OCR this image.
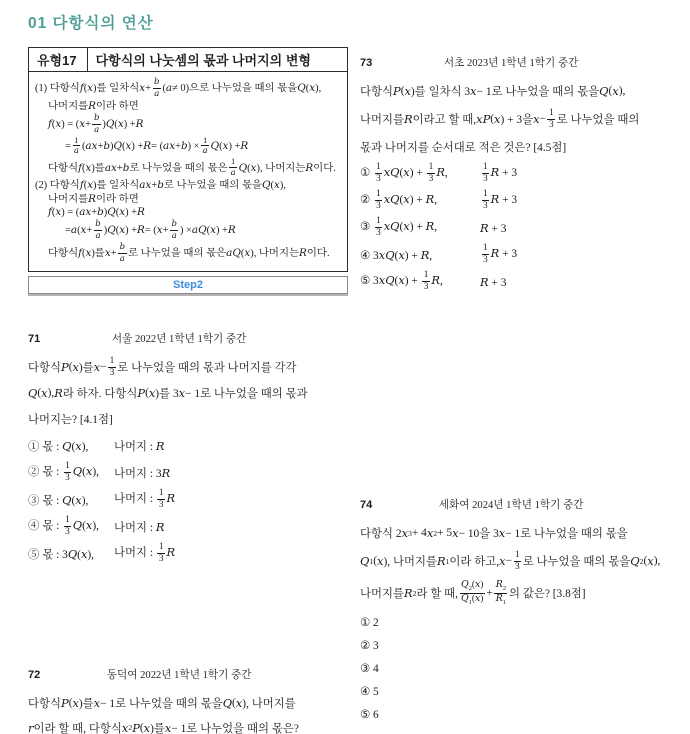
01 다항식의 연산
유형17	다항식의 나눗셈의 몫과 나머지의 변형
(1) 다항식 f ( x )를 일차식 x +
b
a ( a ≠ 0)으로 나누었을 때의 몫을 Q ( x ),
나머지를 R 이라 하면
f ( x ) = ( x +
b
a ) Q ( x ) + R
=
1
a ( ax + b ) Q ( x ) + R = ( ax + b ) ×
1
a Q ( x ) + R
다항식 f ( x )를 ax + b 로 나누었을 때의 몫은
1
a Q ( x ), 나머지는 R 이다.
(2) 다항식 f ( x )를 일차식 ax + b 로 나누었을 때의 몫을 Q ( x ),
나머지를 R 이라 하면
f ( x ) = ( ax + b ) Q ( x ) + R
= a ( x +
b
a ) Q ( x ) + R = ( x +
b
a ) × aQ ( x ) + R
다항식 f ( x )를 x +
b
a 로 나누었을 때의 몫은 aQ ( x ), 나머지는 R 이다.
Step2
71	서울 2022년 1학년 1학기 중간
다항식 P ( x )를 x −
1
3 로 나누었을 때의 몫과 나머지를 각각
Q ( x ), R 라 하자. 다항식 P ( x )를 3 x − 1로 나누었을 때의 몫과
나머지는? [4.1점]
① 몫 : Q(x),	나머지 : R
② 몫 : $\frac{1}{3} Q(x)$,	나머지 : 3R
③ 몫 : Q(x),	나머지 : $\frac{1}{3}$ R
④ 몫 : $\frac{1}{3} Q(x)$,	나머지 : R
⑤ 몫 : 3Q(x),	나머지 : $\frac{1}{3}$ R
72	동덕여 2022년 1학년 1학기 중간
다항식 P ( x )를 x − 1로 나누었을 때의 몫을 Q ( x ), 나머지를
r 이라 할 때, 다항식 x 2 P ( x )를 x − 1로 나누었을 때의 몫은?
73	서초 2023년 1학년 1학기 중간
다항식 P ( x )를 일차식 3 x − 1로 나누었을 때의 몫을 Q ( x ),
나머지를 R 이라고 할 때, xP ( x ) + 3을 x −
1
3 로 나누었을 때의
몫과 나머지를 순서대로 적은 것은? [4.5점]
① $\frac{1}{3} xQ(x) + \frac{1}{3} R$,	$\frac{1}{3}$ R + 3
② $\frac{1}{3} xQ(x) + R$,	$\frac{1}{3}$ R + 3
③ $\frac{1}{3} xQ(x) + R$,	R + 3
④ 3xQ(x) + R,	$\frac{1}{3}$ R + 3
⑤ $3xQ(x) + \frac{1}{3} R$,	R + 3
74	세화여 2024년 1학년 1학기 중간
다항식 2 x 3 + 4 x 2 + 5 x − 10을 3 x − 1로 나누었을 때의 몫을
Q 1 ( x ), 나머지를 R 1 이라 하고, x −
1
3 로 나누었을 때의 몫을 Q 2 ( x ),
나머지를 R 2 라 할 때,
$Q_2(x)$
$Q_1(x)$ +
$R_2$
$R_1$
의 값은? [3.8점]
① 2
② 3
③ 4
④ 5
⑤ 6
